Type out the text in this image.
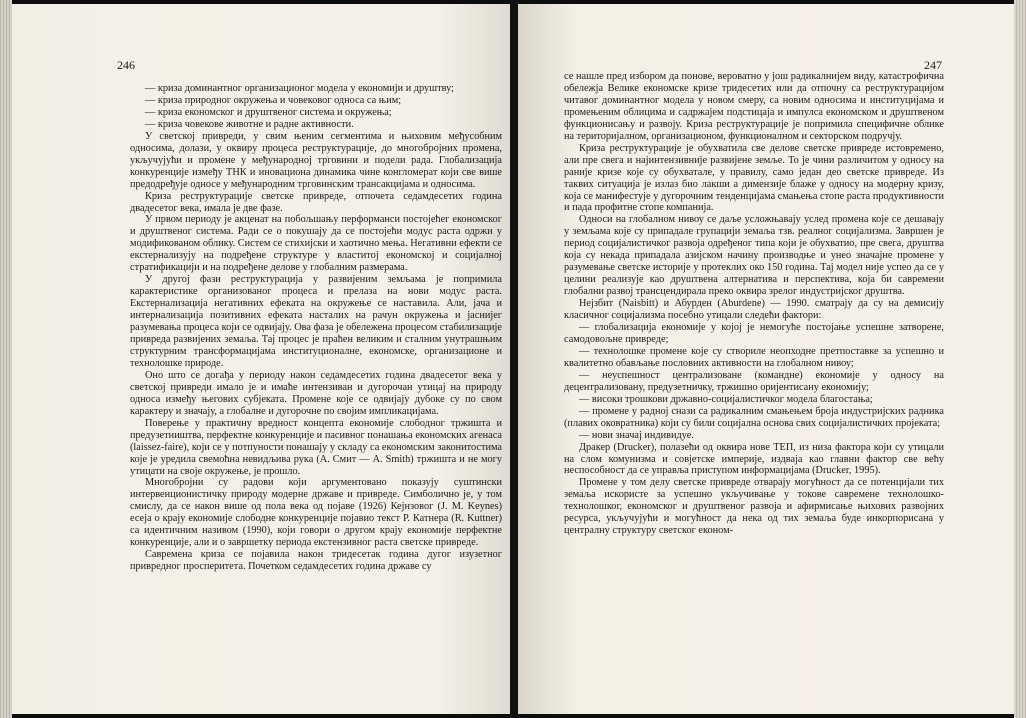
246

— криза доминантног организационог модела у економији и друштву;

— криза природног окружења и човековог односа са њим;

— криза економског и друштвеног система и окружења;

— криза човекове животне и радне активности.

У светској привреди, у свим њеним сегментима и њиховим међусобним односима, долази, у оквиру процеса реструктурације, до многобројних промена, укључујући и промене у међународној трговини и подели рада. Глобализација конкуренције између ТНК и иновациона динамика чине конгломерат који све више предодређује односе у међународним трговинским трансакцијама и односима.

Криза реструктурације светске привреде, отпочета седамдесетих година двадесетог века, имала је две фазе.

У првом периоду је акценат на побољшању перформанси постојећег економског и друштвеног система. Ради се о покушају да се постојећи модус раста одржи у модификованом облику. Систем се стихијски и хаотично мења. Негативни ефекти се екстернализују на подређене структуре у властитој економској и социјалној стратификацији и на подређене делове у глобалним размерама.

У другој фази реструктурација у развијеним земљама је попримила карактеристике организованог процеса и прелаза на нови модус раста. Екстернализација негативних ефеката на окружење се наставила. Али, јача и интернализација позитивних ефеката насталих на рачун окружења и јаснијег разумевања процеса који се одвијају. Ова фаза је обележена процесом стабилизације привреда развијених земаља. Тај процес је праћен великим и сталним унутрашњим структурним трансформацијама институционалне, економске, организационе и технолошке природе.

Оно што се догађа у периоду након седамдесетих година двадесетог века у светској привреди имало је и имаће интензиван и дугорочан утицај на природу односа између његових субјеката. Промене које се одвијају дубоке су по свом карактеру и значају, а глобалне и дугорочне по својим импликацијама.

Поверење у практичну вредност концепта економије слободног тржишта и предузетништва, перфектне конкуренције и пасивног понашања економских агенаса (laissez-faire), који се у потпуности понашају у складу са економским законитостима које је уредила свемоћна невидљива рука (А. Смит — A. Smith) тржишта и не могу утицати на своје окружење, је прошло.

Многобројни су радови који аргументовано показују суштински интервенционистичку природу модерне државе и привреде. Симболично је, у том смислу, да се након више од пола века од појаве (1926) Кејнзовог (J. M. Keynes) есеја о крају економије слободне конкуренције појавио текст Р. Катнера (R. Kuttner) са идентичним називом (1990), који говори о другом крају економије перфектне конкуренције, али и о завршетку периода екстензивног раста светске привреде.

Савремена криза се појавила након тридесетак година дугог изузетног привредног просперитета. Почетком седамдесетих година државе су

247

се нашле пред избором да понове, вероватно у још радикалнијем виду, катастрофична обележја Велике економске кризе тридесетих или да отпочну са реструктурацијом читавог доминантног модела у новом смеру, са новим односима и институцијама и промењеним облицима и садржајем подстицаја и импулса економском и друштвеном функционисању и развоју. Криза реструктурације је попримила специфичне облике на територијалном, организационом, функционалном и секторском подручју.

Криза реструктурације је обухватила све делове светске привреде истовремено, али пре свега и најинтензивније развијене земље. То је чини различитом у односу на раније кризе које су обухватале, у правилу, само један део светске привреде. Из таквих ситуација је излаз био лакши а димензије блаже у односу на модерну кризу, која се манифестује у дугорочним тенденцијама смањења стопе раста продуктивности и пада профитне стопе компанија.

Односи на глобалном нивоу се даље усложњавају услед промена које се дешавају у земљама које су припадале групацији земаља тзв. реалног социјализма. Завршен је период социјалистичког развоја одређеног типа који је обухватио, пре свега, друштва која су некада припадала азијском начину производње и унео значајне промене у разумевање светске историје у протеклих око 150 година. Тај модел није успео да се у целини реализује као друштвена алтернатива и перспектива, која би савремени глобални развој трансцендирала преко оквира зрелог индустријског друштва.

Нејзбит (Naisbitt) и Абурден (Aburdene) — 1990. сматрају да су на демисију класичног социјализма посебно утицали следећи фактори:

— глобализација економије у којој је немогуће постојање успешне затворене, самодовољне привреде;

— технолошке промене које су створиле неопходне претпоставке за успешно и квалитетно обављање пословних активности на глобалном нивоу;

— неуспешност централизоване (командне) економије у односу на децентрализовану, предузетничку, тржишно оријентисану економију;

— високи трошкови државно-социјалистичког модела благостања;

— промене у радној снази са радикалним смањењем броја индустријских радника (плавих оковратника) који су били социјална основа свих социјалистичких пројеката;

— нови значај индивидуе.

Дракер (Drucker), полазећи од оквира нове ТЕП, из низа фактора који су утицали на слом комунизма и совјетске империје, издваја као главни фактор све већу неспособност да се управља приступом информацијама (Drucker, 1995).

Промене у том делу светске привреде отварају могућност да се потенцијали тих земаља искористе за успешно укључивање у токове савремене технолошко-технолошког, економског и друштвеног развоја и афирмисање њихових развојних ресурса, укључујући и могућност да нека од тих земаља буде инкорпорисана у централну структуру светског економ-
